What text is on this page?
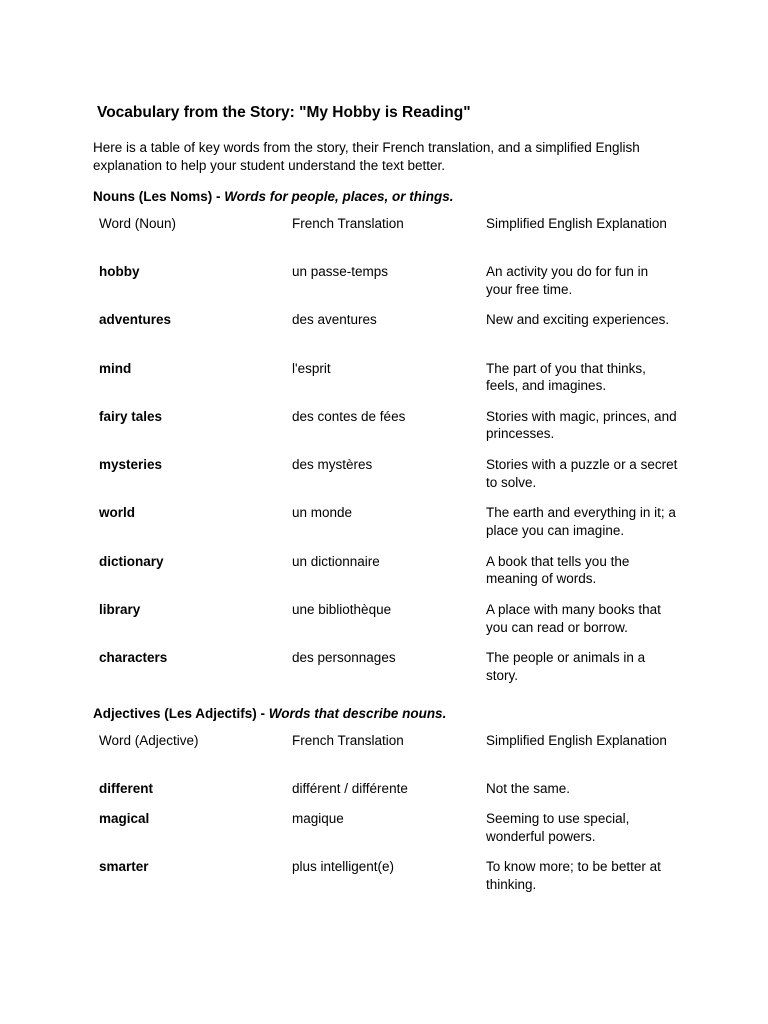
Vocabulary from the Story: "My Hobby is Reading"

Here is a table of key words from the story, their French translation, and a simplified English explanation to help your student understand the text better.

Nouns (Les Noms) - Words for people, places, or things.

Word (Noun)	French Translation	Simplified English Explanation
hobby	un passe-temps	An activity you do for fun in your free time.
adventures	des aventures	New and exciting experiences.
mind	l'esprit	The part of you that thinks, feels, and imagines.
fairy tales	des contes de fées	Stories with magic, princes, and princesses.
mysteries	des mystères	Stories with a puzzle or a secret to solve.
world	un monde	The earth and everything in it; a place you can imagine.
dictionary	un dictionnaire	A book that tells you the meaning of words.
library	une bibliothèque	A place with many books that you can read or borrow.
characters	des personnages	The people or animals in a story.

Adjectives (Les Adjectifs) - Words that describe nouns.

Word (Adjective)	French Translation	Simplified English Explanation
different	différent / différente	Not the same.
magical	magique	Seeming to use special, wonderful powers.
smarter	plus intelligent(e)	To know more; to be better at thinking.
